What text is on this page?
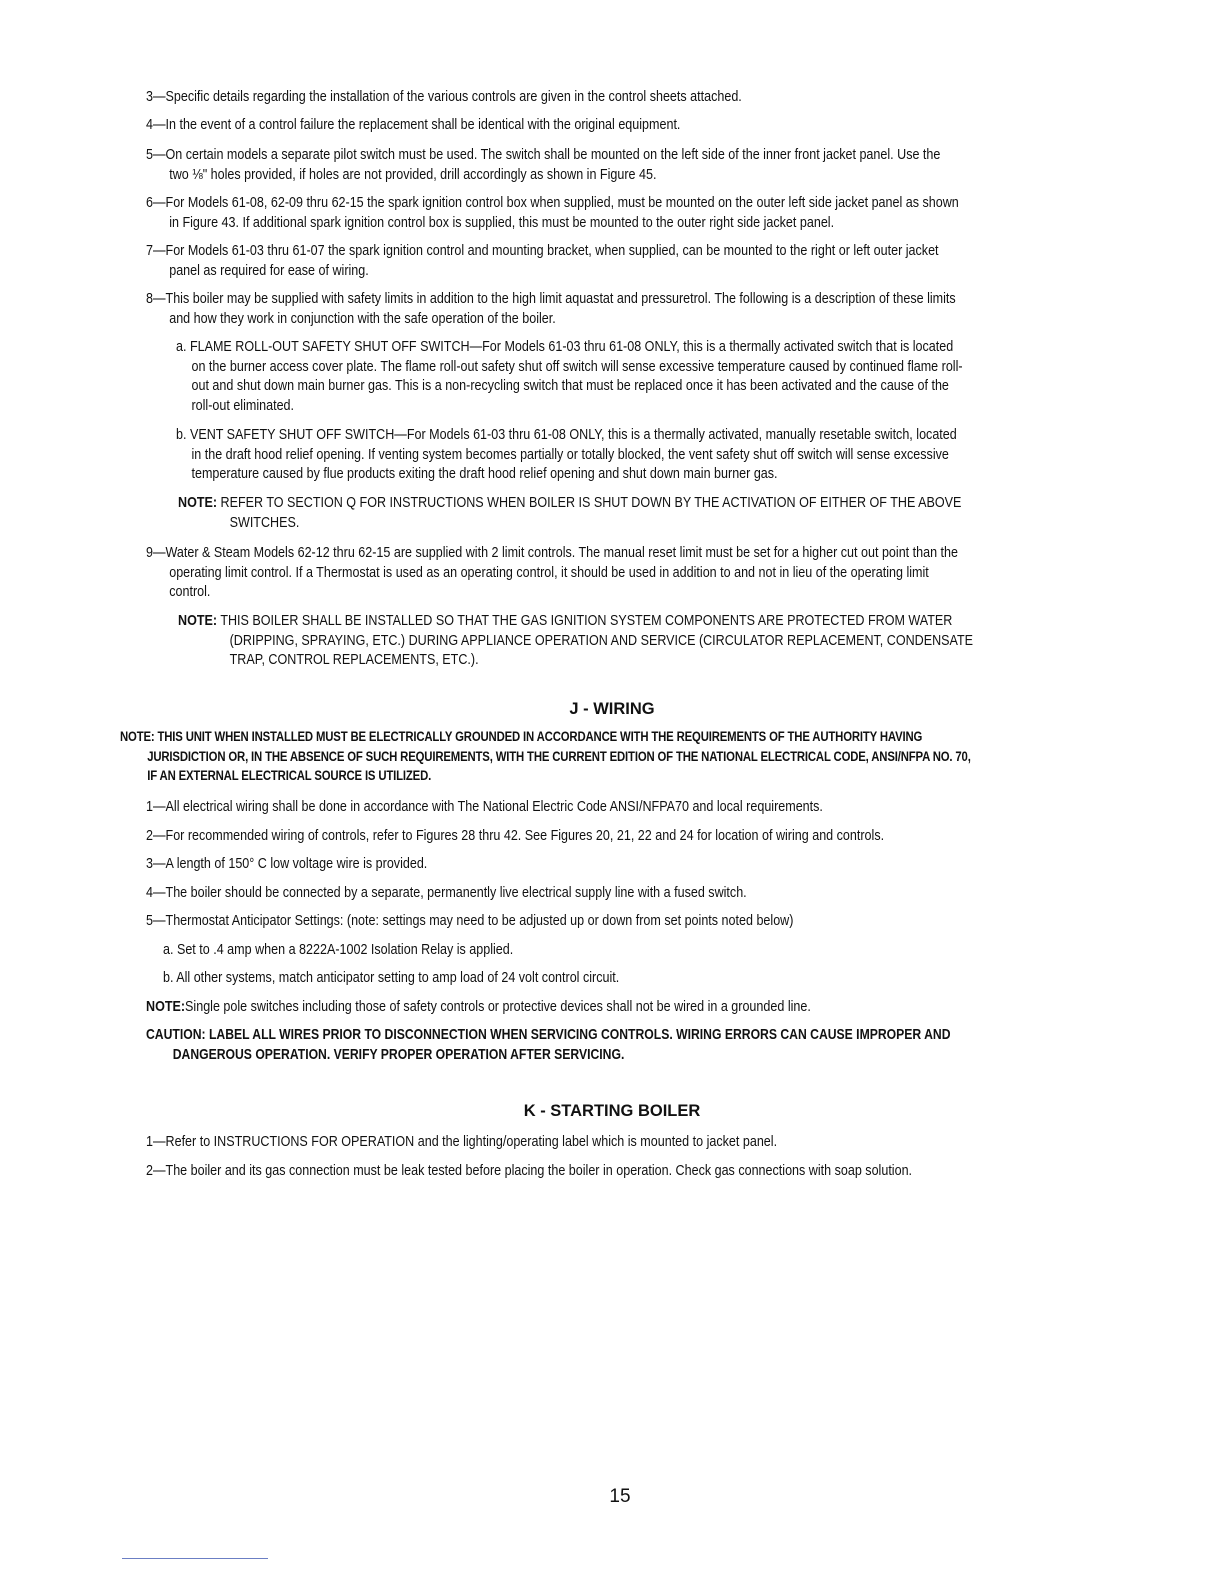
3—Specific details regarding the installation of the various controls are given in the control sheets attached.

4—In the event of a control failure the replacement shall be identical with the original equipment.

5—On certain models a separate pilot switch must be used. The switch shall be mounted on the left side of the inner front jacket panel. Use the
two ⅛" holes provided, if holes are not provided, drill accordingly as shown in Figure 45.

6—For Models 61-08, 62-09 thru 62-15 the spark ignition control box when supplied, must be mounted on the outer left side jacket panel as shown
in Figure 43. If additional spark ignition control box is supplied, this must be mounted to the outer right side jacket panel.

7—For Models 61-03 thru 61-07 the spark ignition control and mounting bracket, when supplied, can be mounted to the right or left outer jacket
panel as required for ease of wiring.

8—This boiler may be supplied with safety limits in addition to the high limit aquastat and pressuretrol. The following is a description of these limits
and how they work in conjunction with the safe operation of the boiler.

a. FLAME ROLL-OUT SAFETY SHUT OFF SWITCH—For Models 61-03 thru 61-08 ONLY, this is a thermally activated switch that is located
on the burner access cover plate. The flame roll-out safety shut off switch will sense excessive temperature caused by continued flame roll-
out and shut down main burner gas. This is a non-recycling switch that must be replaced once it has been activated and the cause of the
roll-out eliminated.

b. VENT SAFETY SHUT OFF SWITCH—For Models 61-03 thru 61-08 ONLY, this is a thermally activated, manually resetable switch, located
in the draft hood relief opening. If venting system becomes partially or totally blocked, the vent safety shut off switch will sense excessive
temperature caused by flue products exiting the draft hood relief opening and shut down main burner gas.

NOTE: REFER TO SECTION Q FOR INSTRUCTIONS WHEN BOILER IS SHUT DOWN BY THE ACTIVATION OF EITHER OF THE ABOVE
SWITCHES.

9—Water & Steam Models 62-12 thru 62-15 are supplied with 2 limit controls. The manual reset limit must be set for a higher cut out point than the
operating limit control. If a Thermostat is used as an operating control, it should be used in addition to and not in lieu of the operating limit
control.

NOTE: THIS BOILER SHALL BE INSTALLED SO THAT THE GAS IGNITION SYSTEM COMPONENTS ARE PROTECTED FROM WATER
(DRIPPING, SPRAYING, ETC.) DURING APPLIANCE OPERATION AND SERVICE (CIRCULATOR REPLACEMENT, CONDENSATE
TRAP, CONTROL REPLACEMENTS, ETC.).

J - WIRING

NOTE: THIS UNIT WHEN INSTALLED MUST BE ELECTRICALLY GROUNDED IN ACCORDANCE WITH THE REQUIREMENTS OF THE AUTHORITY HAVING
JURISDICTION OR, IN THE ABSENCE OF SUCH REQUIREMENTS, WITH THE CURRENT EDITION OF THE NATIONAL ELECTRICAL CODE, ANSI/NFPA NO. 70,
IF AN EXTERNAL ELECTRICAL SOURCE IS UTILIZED.

1—All electrical wiring shall be done in accordance with The National Electric Code ANSI/NFPA70 and local requirements.

2—For recommended wiring of controls, refer to Figures 28 thru 42. See Figures 20, 21, 22 and 24 for location of wiring and controls.

3—A length of 150° C low voltage wire is provided.

4—The boiler should be connected by a separate, permanently live electrical supply line with a fused switch.

5—Thermostat Anticipator Settings: (note: settings may need to be adjusted up or down from set points noted below)

a. Set to .4 amp when a 8222A-1002 Isolation Relay is applied.

b. All other systems, match anticipator setting to amp load of 24 volt control circuit.

NOTE:Single pole switches including those of safety controls or protective devices shall not be wired in a grounded line.

CAUTION: LABEL ALL WIRES PRIOR TO DISCONNECTION WHEN SERVICING CONTROLS. WIRING ERRORS CAN CAUSE IMPROPER AND
DANGEROUS OPERATION. VERIFY PROPER OPERATION AFTER SERVICING.

K - STARTING BOILER

1—Refer to INSTRUCTIONS FOR OPERATION and the lighting/operating label which is mounted to jacket panel.

2—The boiler and its gas connection must be leak tested before placing the boiler in operation. Check gas connections with soap solution.

15
